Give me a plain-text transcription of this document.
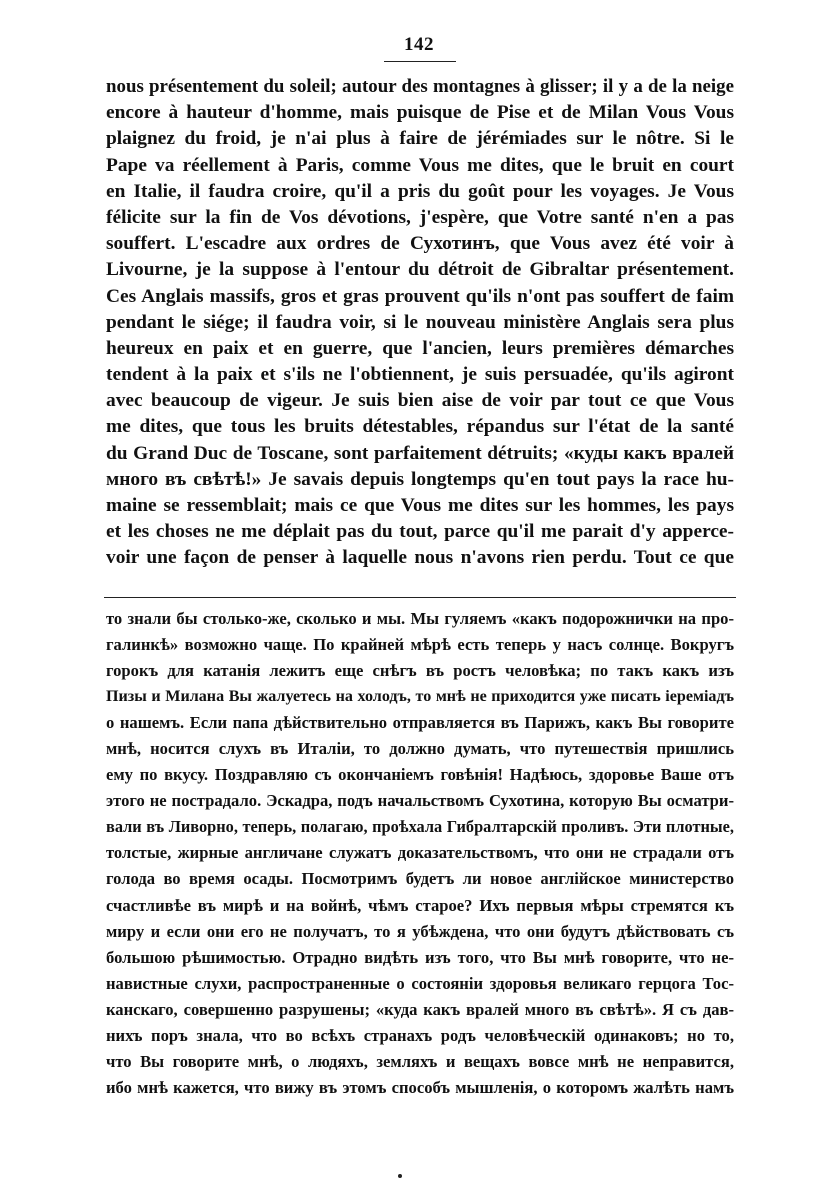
142
nous présentement du soleil; autour des montagnes à glisser; il y a de la neige
encore à hauteur d'homme, mais puisque de Pise et de Milan Vous Vous
plaignez du froid, je n'ai plus à faire de jérémiades sur le nôtre. Si le
Pape va réellement à Paris, comme Vous me dites, que le bruit en court
en Italie, il faudra croire, qu'il a pris du goût pour les voyages. Je Vous
félicite sur la fin de Vos dévotions, j'espère, que Votre santé n'en a pas
souffert. L'escadre aux ordres de Сухотинъ, que Vous avez été voir à
Livourne, je la suppose à l'entour du détroit de Gibraltar présentement.
Ces Anglais massifs, gros et gras prouvent qu'ils n'ont pas souffert de faim
pendant le siége; il faudra voir, si le nouveau ministère Anglais sera plus
heureux en paix et en guerre, que l'ancien, leurs premières démarches
tendent à la paix et s'ils ne l'obtiennent, je suis persuadée, qu'ils agiront
avec beaucoup de vigeur. Je suis bien aise de voir par tout ce que Vous
me dites, que tous les bruits détestables, répandus sur l'état de la santé
du Grand Duc de Toscane, sont parfaitement détruits; «куды какъ вралей
много въ свѣтѣ!» Je savais depuis longtemps qu'en tout pays la race hu-
maine se ressemblait; mais ce que Vous me dites sur les hommes, les pays
et les choses ne me déplait pas du tout, parce qu'il me parait d'y apperce-
voir une façon de penser à laquelle nous n'avons rien perdu. Tout ce que
то знали бы столько-же, сколько и мы. Мы гуляемъ «какъ подорожнички на про-
галинкѣ» возможно чаще. По крайней мѣрѣ есть теперь у насъ солнце. Вокругъ
горокъ для катанія лежитъ еще снѣгъ въ ростъ человѣка; по такъ какъ изъ
Пизы и Милана Вы жалуетесь на холодъ, то мнѣ не приходится уже писать іеремiадъ
о нашемъ. Если папа дѣйствительно отправляется въ Парижъ, какъ Вы говорите
мнѣ, носится слухъ въ Италіи, то должно думать, что путешествія пришлись
ему по вкусу. Поздравляю съ окончаніемъ говѣнія! Надѣюсь, здоровье Ваше отъ
этого не пострадало. Эскадра, подъ начальствомъ Сухотина, которую Вы осматри-
вали въ Ливорно, теперь, полагаю, проѣхала Гибралтарскій проливъ. Эти плотные,
толстые, жирные англичане служатъ доказательствомъ, что они не страдали отъ
голода во время осады. Посмотримъ будетъ ли новое англійское министерство
счастливѣе въ мирѣ и на войнѣ, чѣмъ старое? Ихъ первыя мѣры стремятся къ
миру и если они его не получатъ, то я убѣждена, что они будутъ дѣйствовать съ
большою рѣшимостью. Отрадно видѣть изъ того, что Вы мнѣ говорите, что не-
навистные слухи, распространенные о состояніи здоровья великаго герцога Тос-
канскаго, совершенно разрушены; «куда какъ вралей много въ свѣтѣ». Я съ дав-
нихъ поръ знала, что во всѣхъ странахъ родъ человѣческій одинаковъ; но то,
что Вы говорите мнѣ, о людяхъ, земляхъ и вещахъ вовсе мнѣ не неправится,
ибо мнѣ кажется, что вижу въ этомъ способъ мышленія, о которомъ жалѣть намъ
